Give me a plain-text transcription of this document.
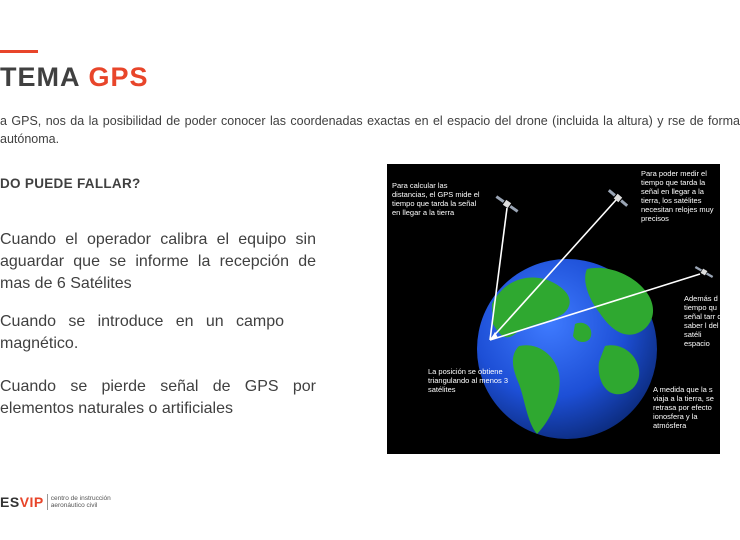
TEMA GPS
a GPS, nos da la posibilidad de poder conocer las coordenadas exactas en el espacio del drone (incluida la altura) y rse de forma autónoma.
DO PUEDE FALLAR?
Cuando el operador calibra el equipo sin aguardar que se informe la recepción de mas de 6 Satélites
Cuando se introduce en un campo magnético.
Cuando se pierde señal de GPS por elementos naturales o artificiales
Para calcular las distancias, el GPS mide el tiempo que tarda la señal en llegar a la tierra
Para poder medir el tiempo que tarda la señal en llegar a la tierra, los satélites necesitan relojes muy precisos
Además d tiempo qu señal tarr de saber l del satéli espacio
La posición se obtiene triangulando al menos 3 satélites	A medida que la s viaja a la tierra, se retrasa por efecto ionosfera y la atmósfera
ESVIP centro de instrucción
aeronáutico civil
